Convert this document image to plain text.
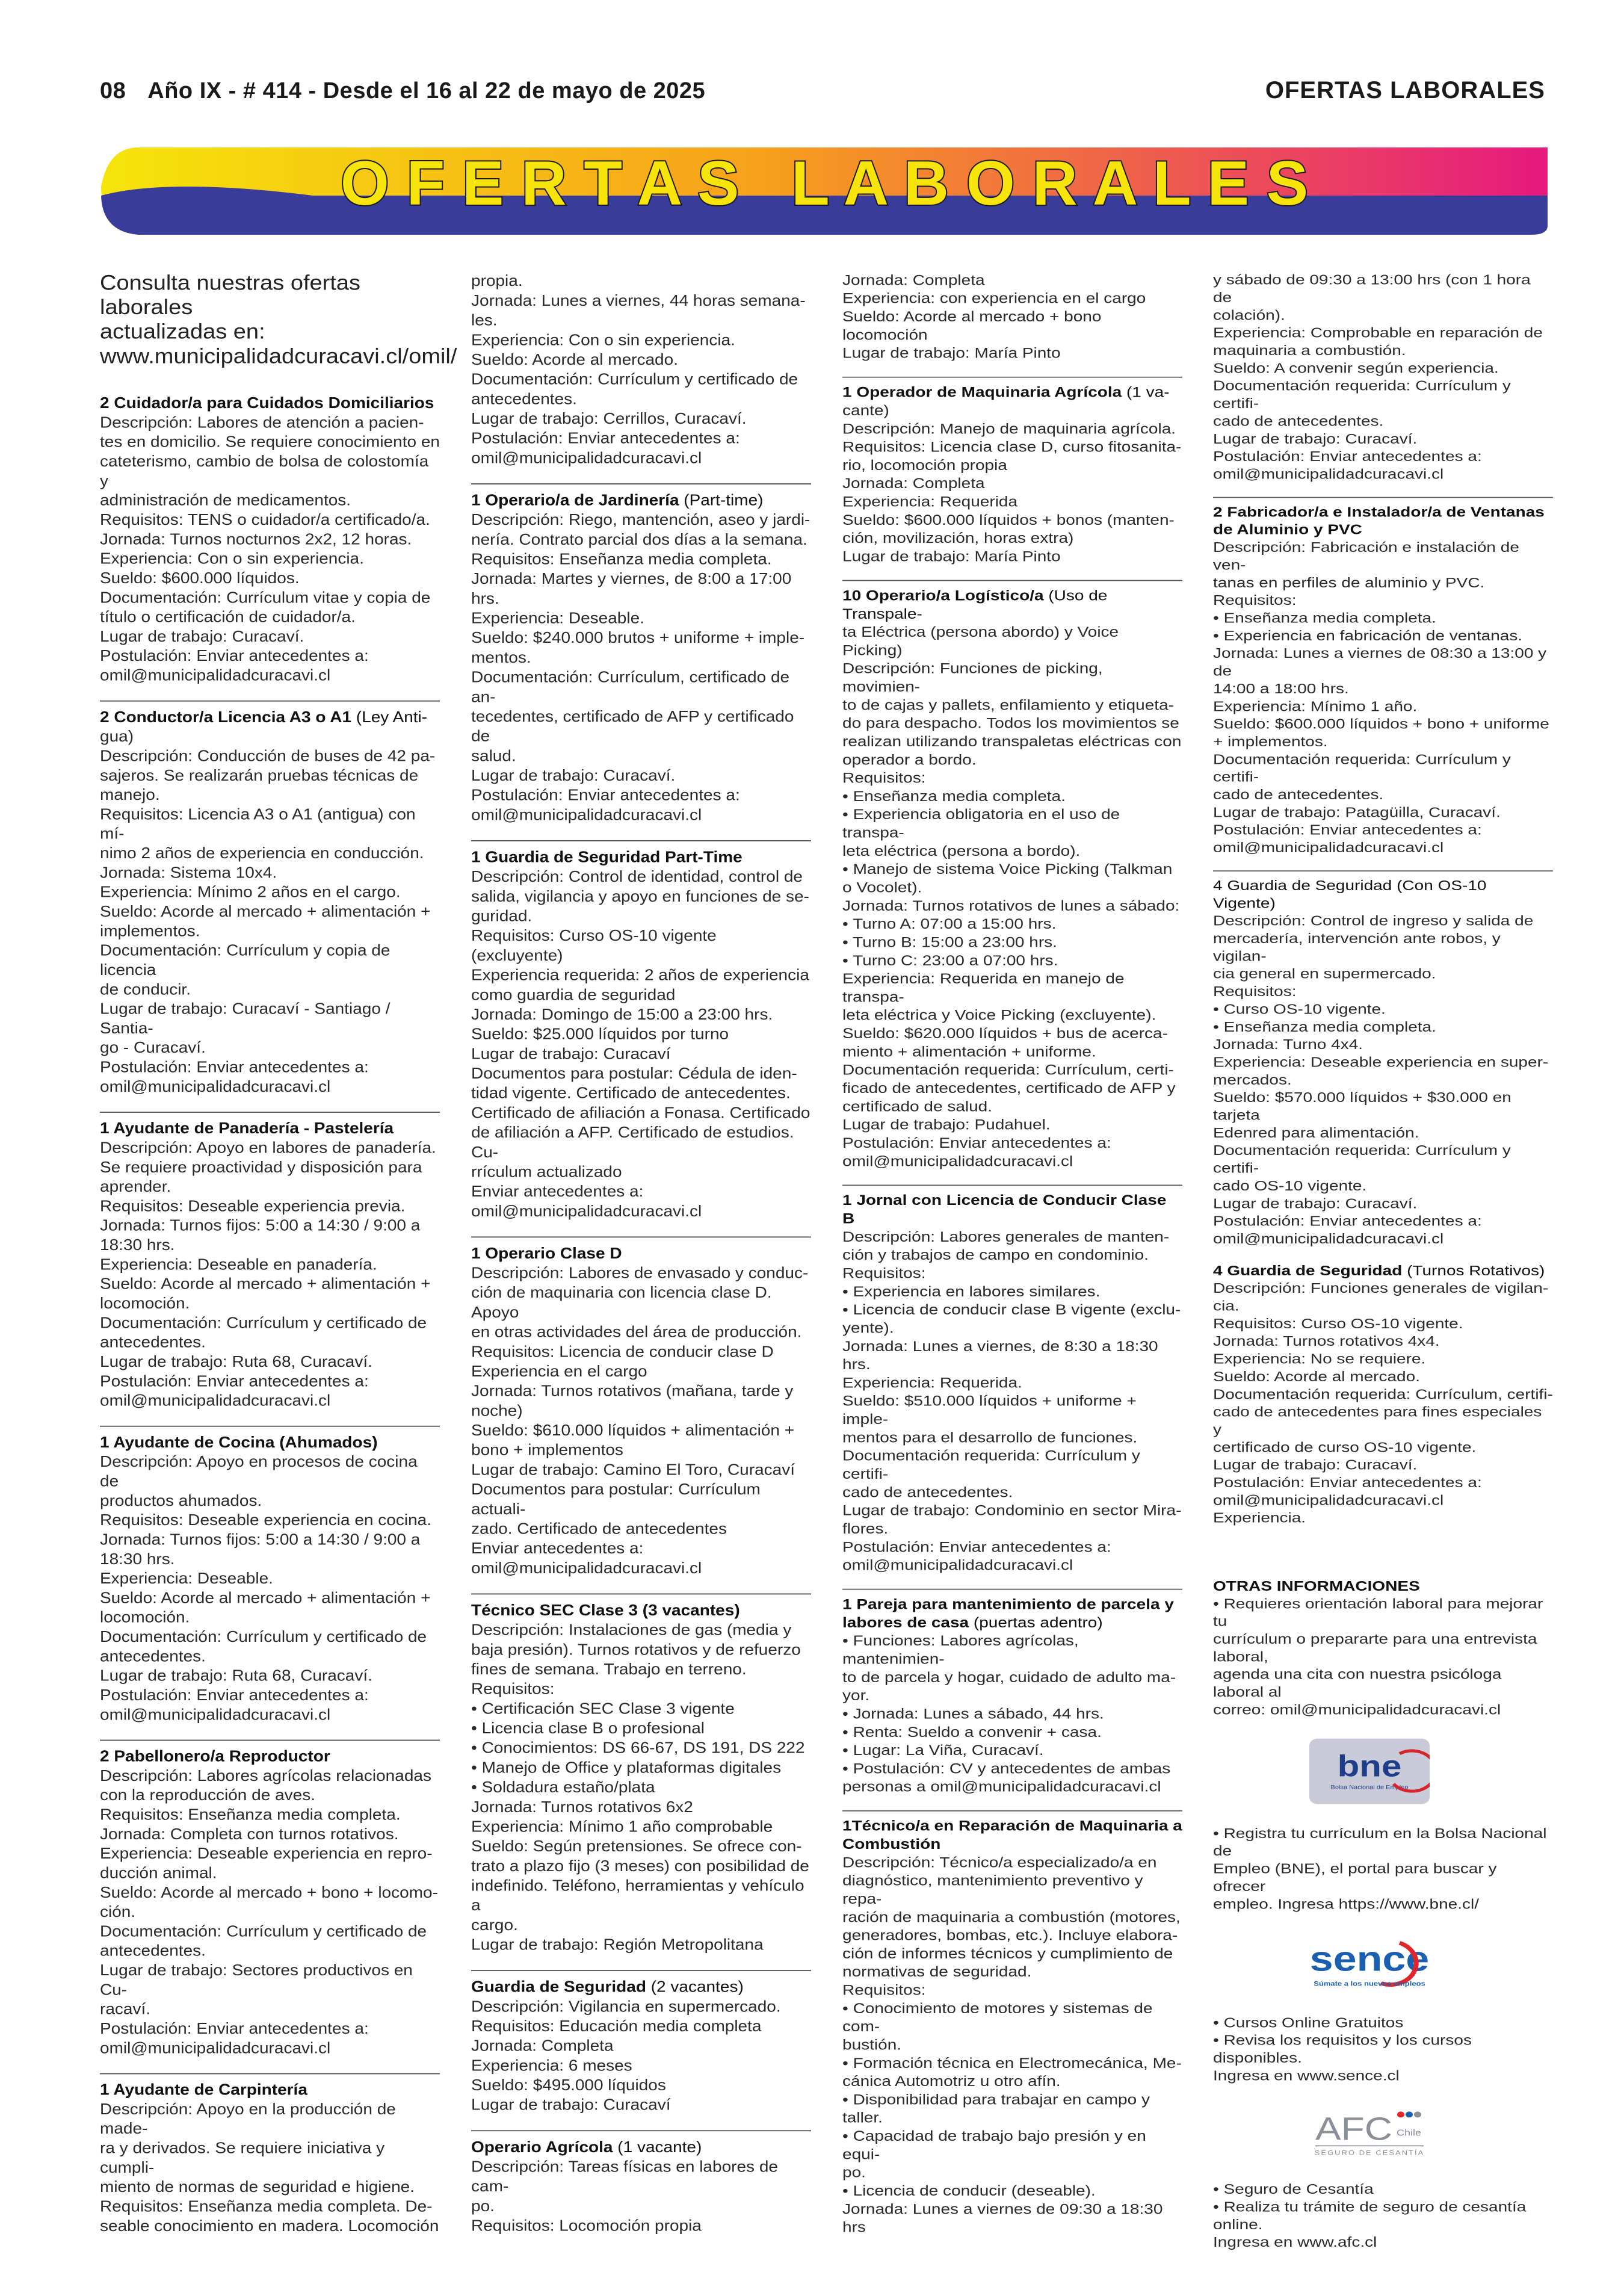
08 Año IX - # 414 - Desde el 16 al 22 de mayo de 2025	OFERTAS LABORALES
O F E R T A S   L A B O R A L E S
Consulta nuestras ofertas laborales
actualizadas en:
www.municipalidadcuracavi.cl/omil/
2 Cuidador/a para Cuidados Domiciliarios
Descripción: Labores de atención a pacien-
tes en domicilio. Se requiere conocimiento en
cateterismo, cambio de bolsa de colostomía y
administración de medicamentos.
Requisitos: TENS o cuidador/a certificado/a.
Jornada: Turnos nocturnos 2x2, 12 horas.
Experiencia: Con o sin experiencia.
Sueldo: $600.000 líquidos.
Documentación: Currículum vitae y copia de
título o certificación de cuidador/a.
Lugar de trabajo: Curacaví.
Postulación: Enviar antecedentes a:
omil@municipalidadcuracavi.cl
2 Conductor/a Licencia A3 o A1 (Ley Anti-
gua)
Descripción: Conducción de buses de 42 pa-
sajeros. Se realizarán pruebas técnicas de
manejo.
Requisitos: Licencia A3 o A1 (antigua) con mí-
nimo 2 años de experiencia en conducción.
Jornada: Sistema 10x4.
Experiencia: Mínimo 2 años en el cargo.
Sueldo: Acorde al mercado + alimentación +
implementos.
Documentación: Currículum y copia de licencia
de conducir.
Lugar de trabajo: Curacaví - Santiago / Santia-
go - Curacaví.
Postulación: Enviar antecedentes a:
omil@municipalidadcuracavi.cl
1 Ayudante de Panadería - Pastelería
Descripción: Apoyo en labores de panadería.
Se requiere proactividad y disposición para
aprender.
Requisitos: Deseable experiencia previa.
Jornada: Turnos fijos: 5:00 a 14:30 / 9:00 a
18:30 hrs.
Experiencia: Deseable en panadería.
Sueldo: Acorde al mercado + alimentación +
locomoción.
Documentación: Currículum y certificado de
antecedentes.
Lugar de trabajo: Ruta 68, Curacaví.
Postulación: Enviar antecedentes a:
omil@municipalidadcuracavi.cl
1 Ayudante de Cocina (Ahumados)
Descripción: Apoyo en procesos de cocina de
productos ahumados.
Requisitos: Deseable experiencia en cocina.
Jornada: Turnos fijos: 5:00 a 14:30 / 9:00 a
18:30 hrs.
Experiencia: Deseable.
Sueldo: Acorde al mercado + alimentación +
locomoción.
Documentación: Currículum y certificado de
antecedentes.
Lugar de trabajo: Ruta 68, Curacaví.
Postulación: Enviar antecedentes a:
omil@municipalidadcuracavi.cl
2 Pabellonero/a Reproductor
Descripción: Labores agrícolas relacionadas
con la reproducción de aves.
Requisitos: Enseñanza media completa.
Jornada: Completa con turnos rotativos.
Experiencia: Deseable experiencia en repro-
ducción animal.
Sueldo: Acorde al mercado + bono + locomo-
ción.
Documentación: Currículum y certificado de
antecedentes.
Lugar de trabajo: Sectores productivos en Cu-
racaví.
Postulación: Enviar antecedentes a:
omil@municipalidadcuracavi.cl
1 Ayudante de Carpintería
Descripción: Apoyo en la producción de made-
ra y derivados. Se requiere iniciativa y cumpli-
miento de normas de seguridad e higiene.
Requisitos: Enseñanza media completa. De-
seable conocimiento en madera. Locomoción
propia.
Jornada: Lunes a viernes, 44 horas semana-
les.
Experiencia: Con o sin experiencia.
Sueldo: Acorde al mercado.
Documentación: Currículum y certificado de
antecedentes.
Lugar de trabajo: Cerrillos, Curacaví.
Postulación: Enviar antecedentes a:
omil@municipalidadcuracavi.cl
1 Operario/a de Jardinería (Part-time)
Descripción: Riego, mantención, aseo y jardi-
nería. Contrato parcial dos días a la semana.
Requisitos: Enseñanza media completa.
Jornada: Martes y viernes, de 8:00 a 17:00 hrs.
Experiencia: Deseable.
Sueldo: $240.000 brutos + uniforme + imple-
mentos.
Documentación: Currículum, certificado de an-
tecedentes, certificado de AFP y certificado de
salud.
Lugar de trabajo: Curacaví.
Postulación: Enviar antecedentes a:
omil@municipalidadcuracavi.cl
1 Guardia de Seguridad Part-Time
Descripción: Control de identidad, control de
salida, vigilancia y apoyo en funciones de se-
guridad.
Requisitos: Curso OS-10 vigente (excluyente)
Experiencia requerida: 2 años de experiencia
como guardia de seguridad
Jornada: Domingo de 15:00 a 23:00 hrs.
Sueldo: $25.000 líquidos por turno
Lugar de trabajo: Curacaví
Documentos para postular: Cédula de iden-
tidad vigente. Certificado de antecedentes.
Certificado de afiliación a Fonasa. Certificado
de afiliación a AFP. Certificado de estudios. Cu-
rrículum actualizado
Enviar antecedentes a:
omil@municipalidadcuracavi.cl
1 Operario Clase D
Descripción: Labores de envasado y conduc-
ción de maquinaria con licencia clase D. Apoyo
en otras actividades del área de producción.
Requisitos: Licencia de conducir clase D
Experiencia en el cargo
Jornada: Turnos rotativos (mañana, tarde y
noche)
Sueldo: $610.000 líquidos + alimentación +
bono + implementos
Lugar de trabajo: Camino El Toro, Curacaví
Documentos para postular: Currículum actuali-
zado. Certificado de antecedentes
Enviar antecedentes a:
omil@municipalidadcuracavi.cl
Técnico SEC Clase 3 (3 vacantes)
Descripción: Instalaciones de gas (media y
baja presión). Turnos rotativos y de refuerzo
fines de semana. Trabajo en terreno.
Requisitos:
• Certificación SEC Clase 3 vigente
• Licencia clase B o profesional
• Conocimientos: DS 66-67, DS 191, DS 222
• Manejo de Office y plataformas digitales
• Soldadura estaño/plata
Jornada: Turnos rotativos 6x2
Experiencia: Mínimo 1 año comprobable
Sueldo: Según pretensiones. Se ofrece con-
trato a plazo fijo (3 meses) con posibilidad de
indefinido. Teléfono, herramientas y vehículo a
cargo.
Lugar de trabajo: Región Metropolitana
Guardia de Seguridad (2 vacantes)
Descripción: Vigilancia en supermercado.
Requisitos: Educación media completa
Jornada: Completa
Experiencia: 6 meses
Sueldo: $495.000 líquidos
Lugar de trabajo: Curacaví
Operario Agrícola (1 vacante)
Descripción: Tareas físicas en labores de cam-
po.
Requisitos: Locomoción propia
Jornada: Completa
Experiencia: con experiencia en el cargo
Sueldo: Acorde al mercado + bono locomoción
Lugar de trabajo: María Pinto
1 Operador de Maquinaria Agrícola (1 va-
cante)
Descripción: Manejo de maquinaria agrícola.
Requisitos: Licencia clase D, curso fitosanita-
rio, locomoción propia
Jornada: Completa
Experiencia: Requerida
Sueldo: $600.000 líquidos + bonos (manten-
ción, movilización, horas extra)
Lugar de trabajo: María Pinto
10 Operario/a Logístico/a (Uso de Transpale-
ta Eléctrica (persona abordo) y Voice Picking)
Descripción: Funciones de picking, movimien-
to de cajas y pallets, enfilamiento y etiqueta-
do para despacho. Todos los movimientos se
realizan utilizando transpaletas eléctricas con
operador a bordo.
Requisitos:
• Enseñanza media completa.
• Experiencia obligatoria en el uso de transpa-
leta eléctrica (persona a bordo).
• Manejo de sistema Voice Picking (Talkman
o Vocolet).
Jornada: Turnos rotativos de lunes a sábado:
• Turno A: 07:00 a 15:00 hrs.
• Turno B: 15:00 a 23:00 hrs.
• Turno C: 23:00 a 07:00 hrs.
Experiencia: Requerida en manejo de transpa-
leta eléctrica y Voice Picking (excluyente).
Sueldo: $620.000 líquidos + bus de acerca-
miento + alimentación + uniforme.
Documentación requerida: Currículum, certi-
ficado de antecedentes, certificado de AFP y
certificado de salud.
Lugar de trabajo: Pudahuel.
Postulación: Enviar antecedentes a:
omil@municipalidadcuracavi.cl
1 Jornal con Licencia de Conducir Clase B
Descripción: Labores generales de manten-
ción y trabajos de campo en condominio.
Requisitos:
• Experiencia en labores similares.
• Licencia de conducir clase B vigente (exclu-
yente).
Jornada: Lunes a viernes, de 8:30 a 18:30 hrs.
Experiencia: Requerida.
Sueldo: $510.000 líquidos + uniforme + imple-
mentos para el desarrollo de funciones.
Documentación requerida: Currículum y certifi-
cado de antecedentes.
Lugar de trabajo: Condominio en sector Mira-
flores.
Postulación: Enviar antecedentes a:
omil@municipalidadcuracavi.cl
1 Pareja para mantenimiento de parcela y labores de casa (puertas adentro)
• Funciones: Labores agrícolas, mantenimien-
to de parcela y hogar, cuidado de adulto ma-
yor.
• Jornada: Lunes a sábado, 44 hrs.
• Renta: Sueldo a convenir + casa.
• Lugar: La Viña, Curacaví.
• Postulación: CV y antecedentes de ambas
personas a omil@municipalidadcuracavi.cl
1Técnico/a en Reparación de Maquinaria a Combustión
Descripción: Técnico/a especializado/a en
diagnóstico, mantenimiento preventivo y repa-
ración de maquinaria a combustión (motores,
generadores, bombas, etc.). Incluye elabora-
ción de informes técnicos y cumplimiento de
normativas de seguridad.
Requisitos:
• Conocimiento de motores y sistemas de com-
bustión.
• Formación técnica en Electromecánica, Me-
cánica Automotriz u otro afín.
• Disponibilidad para trabajar en campo y taller.
• Capacidad de trabajo bajo presión y en equi-
po.
• Licencia de conducir (deseable).
Jornada: Lunes a viernes de 09:30 a 18:30 hrs
y sábado de 09:30 a 13:00 hrs (con 1 hora de
colación).
Experiencia: Comprobable en reparación de
maquinaria a combustión.
Sueldo: A convenir según experiencia.
Documentación requerida: Currículum y certifi-
cado de antecedentes.
Lugar de trabajo: Curacaví.
Postulación: Enviar antecedentes a:
omil@municipalidadcuracavi.cl
2 Fabricador/a e Instalador/a de Ventanas de Aluminio y PVC
Descripción: Fabricación e instalación de ven-
tanas en perfiles de aluminio y PVC.
Requisitos:
• Enseñanza media completa.
• Experiencia en fabricación de ventanas.
Jornada: Lunes a viernes de 08:30 a 13:00 y de
14:00 a 18:00 hrs.
Experiencia: Mínimo 1 año.
Sueldo: $600.000 líquidos + bono + uniforme
+ implementos.
Documentación requerida: Currículum y certifi-
cado de antecedentes.
Lugar de trabajo: Patagüilla, Curacaví.
Postulación: Enviar antecedentes a:
omil@municipalidadcuracavi.cl
4 Guardia de Seguridad (Con OS-10 Vigente)
Descripción: Control de ingreso y salida de
mercadería, intervención ante robos, y vigilan-
cia general en supermercado.
Requisitos:
• Curso OS-10 vigente.
• Enseñanza media completa.
Jornada: Turno 4x4.
Experiencia: Deseable experiencia en super-
mercados.
Sueldo: $570.000 líquidos + $30.000 en tarjeta
Edenred para alimentación.
Documentación requerida: Currículum y certifi-
cado OS-10 vigente.
Lugar de trabajo: Curacaví.
Postulación: Enviar antecedentes a:
omil@municipalidadcuracavi.cl
4 Guardia de Seguridad (Turnos Rotativos)
Descripción: Funciones generales de vigilan-
cia.
Requisitos: Curso OS-10 vigente.
Jornada: Turnos rotativos 4x4.
Experiencia: No se requiere.
Sueldo: Acorde al mercado.
Documentación requerida: Currículum, certifi-
cado de antecedentes para fines especiales y
certificado de curso OS-10 vigente.
Lugar de trabajo: Curacaví.
Postulación: Enviar antecedentes a:
omil@municipalidadcuracavi.cl
Experiencia.
OTRAS INFORMACIONES

• Requieres orientación laboral para mejorar tu

currículum o prepararte para una entrevista laboral,

agenda una cita con nuestra psicóloga laboral al

correo: omil@municipalidadcuracavi.cl

bne
Bolsa Nacional de Empleo

• Registra tu currículum en la Bolsa Nacional de

Empleo (BNE), el portal para buscar y ofrecer

empleo. Ingresa https://www.bne.cl/

sence
Súmate a los nuevos empleos

• Cursos Online Gratuitos

• Revisa los requisitos y los cursos disponibles.

Ingresa en www.sence.cl

AFC Chile
SEGURO DE CESANTÍA

• Seguro de Cesantía

• Realiza tu trámite de seguro de cesantía online.

Ingresa en www.afc.cl
